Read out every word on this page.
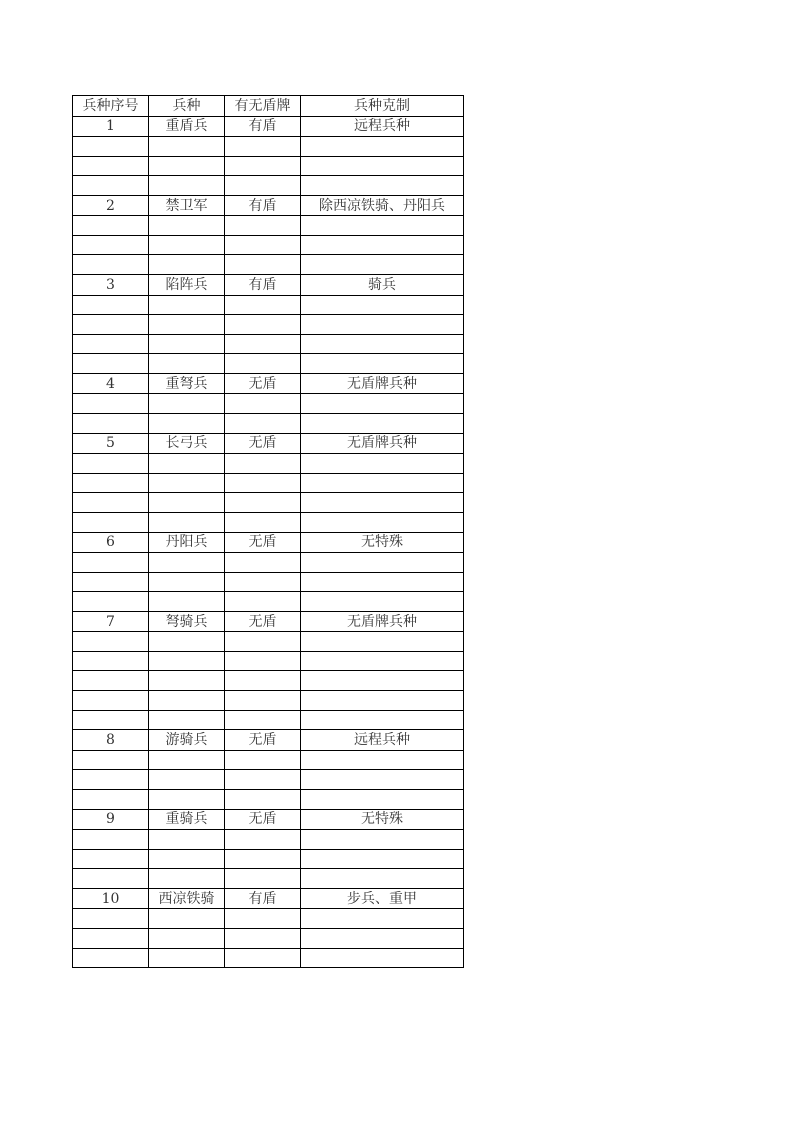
兵种序号	兵种	有无盾牌	兵种克制
1	重盾兵	有盾	远程兵种

2	禁卫军	有盾	除西凉铁骑、丹阳兵

3	陷阵兵	有盾	骑兵

4	重弩兵	无盾	无盾牌兵种

5	长弓兵	无盾	无盾牌兵种

6	丹阳兵	无盾	无特殊

7	弩骑兵	无盾	无盾牌兵种

8	游骑兵	无盾	远程兵种

9	重骑兵	无盾	无特殊

10	西凉铁骑	有盾	步兵、重甲
